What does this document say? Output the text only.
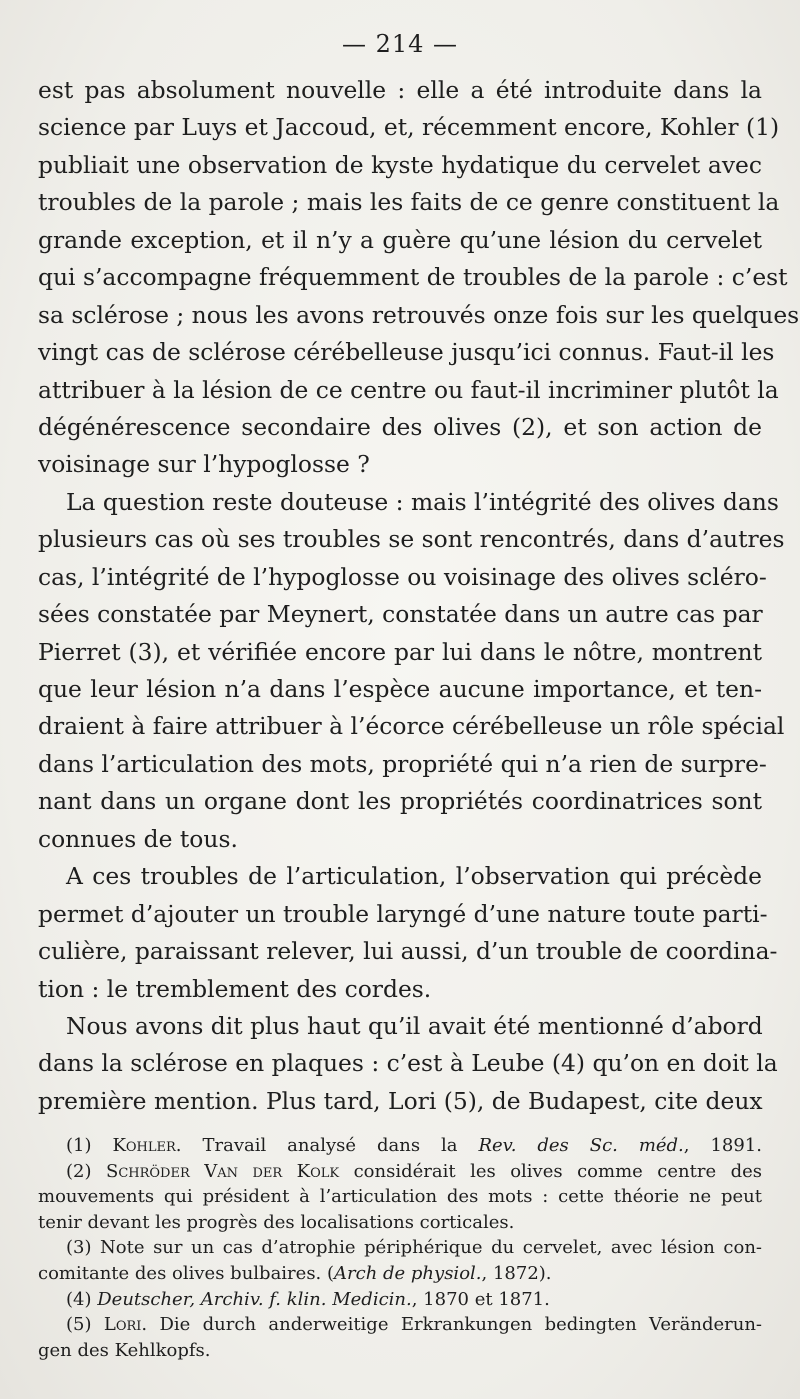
— 214 —
est pas absolument nouvelle : elle a été introduite dans la
science par Luys et Jaccoud, et, récemment encore, Kohler (1)
publiait une observation de kyste hydatique du cervelet avec
troubles de la parole ; mais les faits de ce genre constituent la
grande exception, et il n’y a guère qu’une lésion du cervelet
qui s’accompagne fréquemment de troubles de la parole : c’est
sa sclérose ; nous les avons retrouvés onze fois sur les quelques
vingt cas de sclérose cérébelleuse jusqu’ici connus. Faut-il les
attribuer à la lésion de ce centre ou faut-il incriminer plutôt la
dégénérescence secondaire des olives (2), et son action de
voisinage sur l’hypoglosse ?
La question reste douteuse : mais l’intégrité des olives dans
plusieurs cas où ses troubles se sont rencontrés, dans d’autres
cas, l’intégrité de l’hypoglosse ou voisinage des olives scléro-
sées constatée par Meynert, constatée dans un autre cas par
Pierret (3), et vérifiée encore par lui dans le nôtre, montrent
que leur lésion n’a dans l’espèce aucune importance, et ten-
draient à faire attribuer à l’écorce cérébelleuse un rôle spécial
dans l’articulation des mots, propriété qui n’a rien de surpre-
nant dans un organe dont les propriétés coordinatrices sont
connues de tous.
A ces troubles de l’articulation, l’observation qui précède
permet d’ajouter un trouble laryngé d’une nature toute parti-
culière, paraissant relever, lui aussi, d’un trouble de coordina-
tion : le tremblement des cordes.
Nous avons dit plus haut qu’il avait été mentionné d’abord
dans la sclérose en plaques : c’est à Leube (4) qu’on en doit la
première mention. Plus tard, Lori (5), de Budapest, cite deux
(1) Kohler. Travail analysé dans la Rev. des Sc. méd., 1891.
(2) Schröder Van der Kolk considérait les olives comme centre des
mouvements qui président à l’articulation des mots : cette théorie ne peut
tenir devant les progrès des localisations corticales.
(3) Note sur un cas d’atrophie périphérique du cervelet, avec lésion con-
comitante des olives bulbaires. (Arch de physiol., 1872).
(4) Deutscher, Archiv. f. klin. Medicin., 1870 et 1871.
(5) Lori. Die durch anderweitige Erkrankungen bedingten Veränderun-
gen des Kehlkopfs.
